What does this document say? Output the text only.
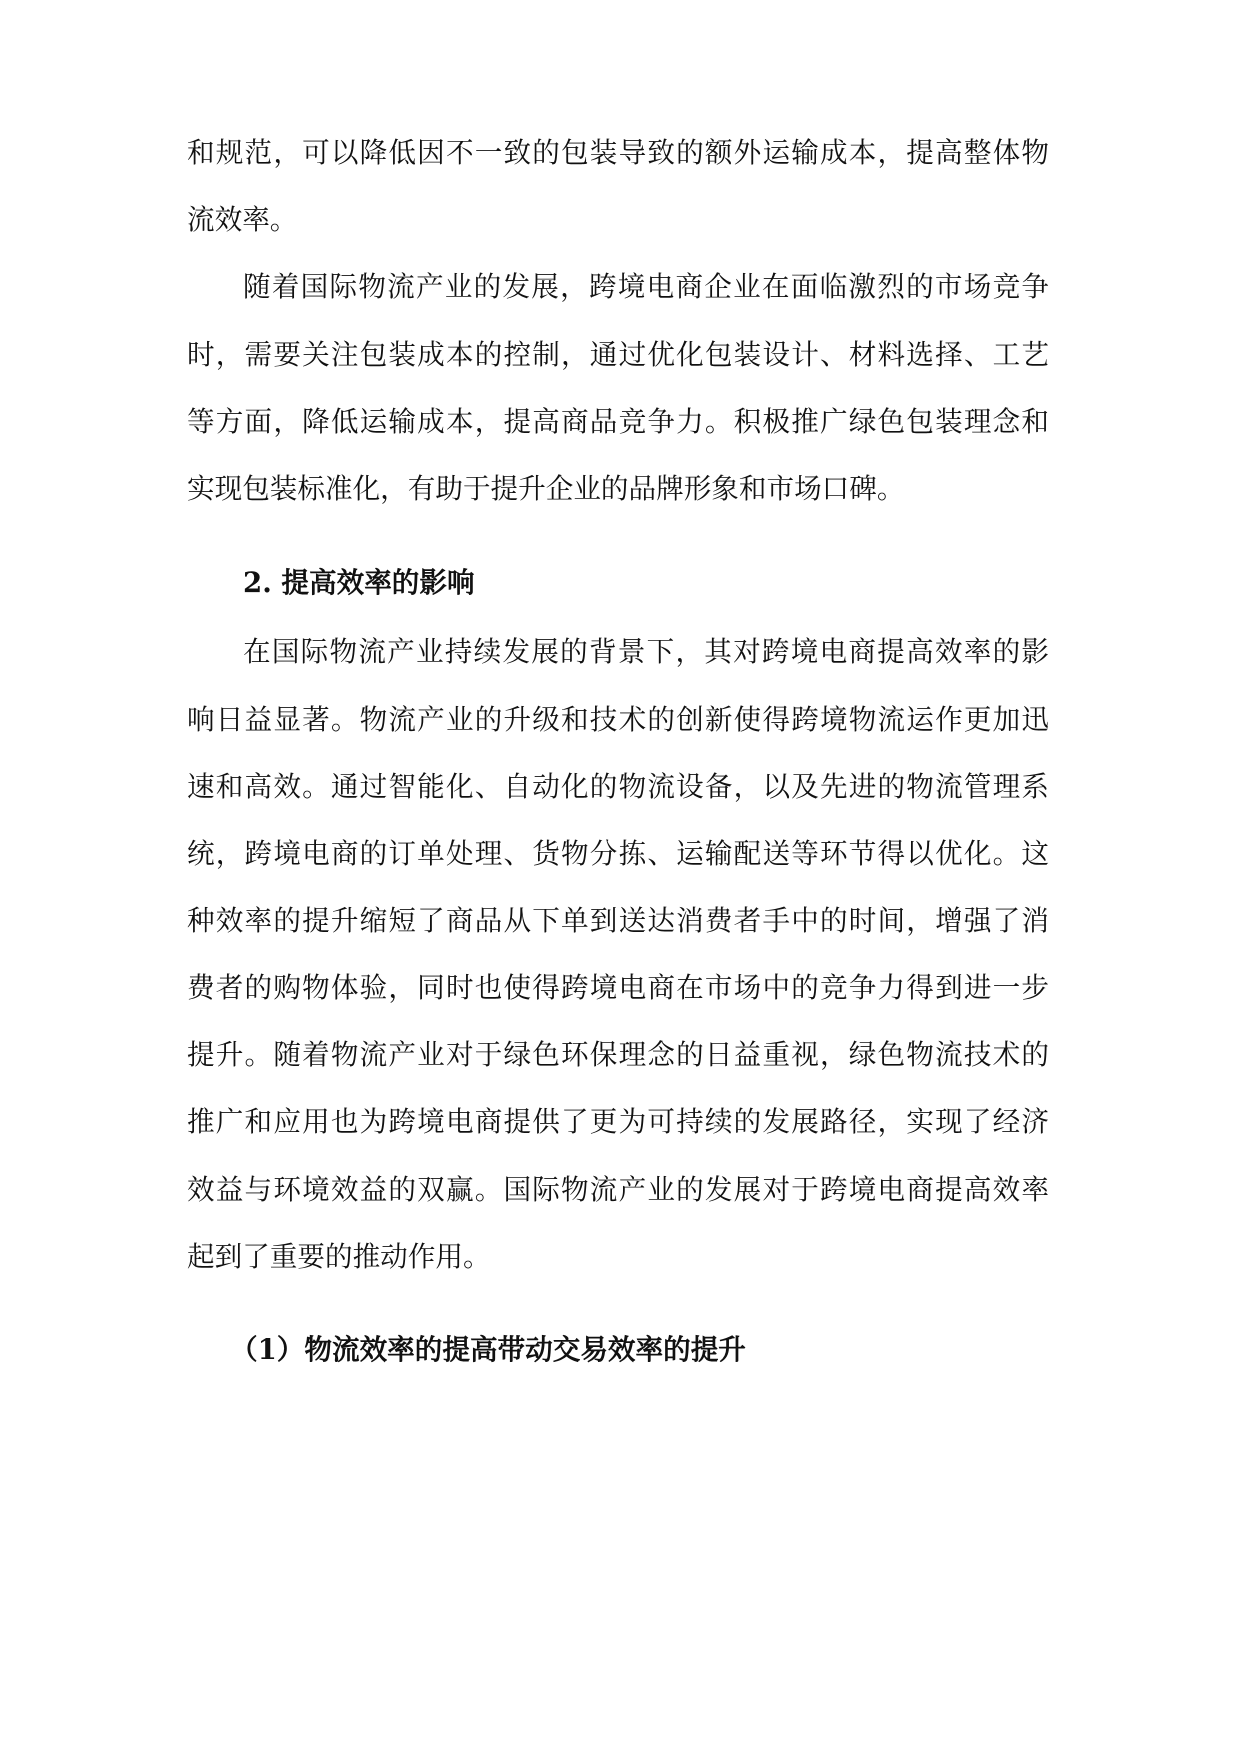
和规范，可以降低因不一致的包装导致的额外运输成本，提高整体物
流效率。
随着国际物流产业的发展，跨境电商企业在面临激烈的市场竞争
时，需要关注包装成本的控制，通过优化包装设计、材料选择、工艺
等方面，降低运输成本，提高商品竞争力。积极推广绿色包装理念和
实现包装标准化，有助于提升企业的品牌形象和市场口碑。
2. 提高效率的影响
在国际物流产业持续发展的背景下，其对跨境电商提高效率的影
响日益显著。物流产业的升级和技术的创新使得跨境物流运作更加迅
速和高效。通过智能化、自动化的物流设备，以及先进的物流管理系
统，跨境电商的订单处理、货物分拣、运输配送等环节得以优化。这
种效率的提升缩短了商品从下单到送达消费者手中的时间，增强了消
费者的购物体验，同时也使得跨境电商在市场中的竞争力得到进一步
提升。随着物流产业对于绿色环保理念的日益重视，绿色物流技术的
推广和应用也为跨境电商提供了更为可持续的发展路径，实现了经济
效益与环境效益的双赢。国际物流产业的发展对于跨境电商提高效率
起到了重要的推动作用。
（1）物流效率的提高带动交易效率的提升
